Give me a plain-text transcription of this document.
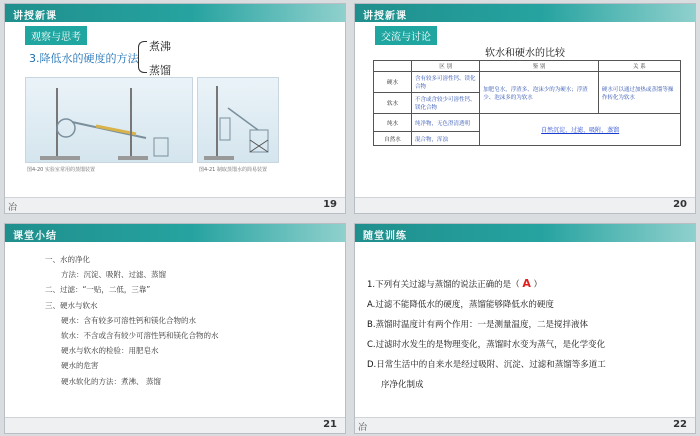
讲授新课
观察与思考
3.降低水的硬度的方法
煮沸
蒸馏
图4-20 实验室常用的蒸馏装置	图4-21 制取蒸馏水的简易装置
冶	19
讲授新课
交流与讨论
软水和硬水的比较
	区 别	鉴 别	关 系
硬水	含有较多可溶性钙、镁化合物	加肥皂水，浮渣多、泡沫少的为硬水；浮渣少、泡沫多的为软水	硬水可以通过加热或蒸馏等操作转化为软水
软水	不含或含较少可溶性钙、镁化合物		
纯水	纯净物，无色澄清透明	自然沉淀、过滤、吸附、蒸馏	
自然水	混合物，浑浊		
20
课堂小结
一、水的净化
方法：沉淀、吸附、过滤、蒸馏
二、过滤：“一贴，二低，三靠”
三、硬水与软水
硬水：含有较多可溶性钙和镁化合物的水
软水：不含或含有较少可溶性钙和镁化合物的水
硬水与软水的检验：用肥皂水
硬水的危害
硬水软化的方法：煮沸、 蒸馏
21
随堂训练
1.下列有关过滤与蒸馏的说法正确的是（ A ）
A.过滤不能降低水的硬度，蒸馏能够降低水的硬度
B.蒸馏时温度计有两个作用：一是测量温度，二是搅拌液体
C.过滤时水发生的是物理变化，蒸馏时水变为蒸气，是化学变化
D.日常生活中的自来水是经过吸附、沉淀、过滤和蒸馏等多道工
序净化制成
冶	22
